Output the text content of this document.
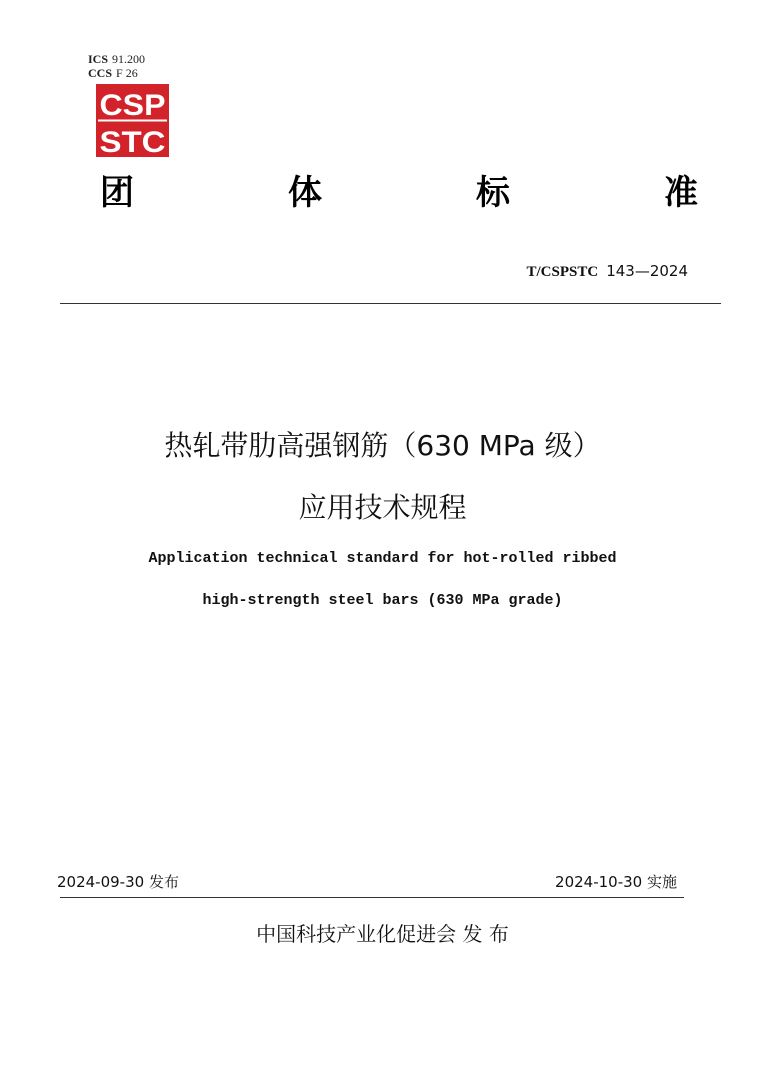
ICS 91.200
CCS F 26
CSP
STC
团	体	标	准
T/CSPSTC 143—2024
热轧带肋高强钢筋（630 MPa 级）
应用技术规程
Application technical standard for hot-rolled ribbed
high-strength steel bars (630 MPa grade)
2024-09-30 发布	2024-10-30 实施
中国科技产业化促进会 发 布
